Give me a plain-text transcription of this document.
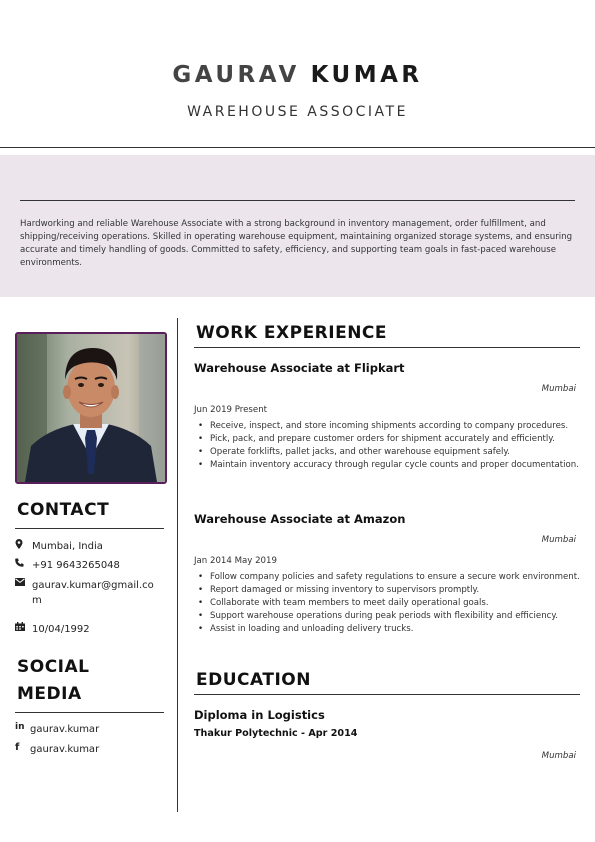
GAURAV KUMAR
WAREHOUSE ASSOCIATE
Hardworking and reliable Warehouse Associate with a strong background in inventory management, order fulfillment, and shipping/receiving operations. Skilled in operating warehouse equipment, maintaining organized storage systems, and ensuring accurate and timely handling of goods. Committed to safety, efficiency, and supporting team goals in fast-paced warehouse environments.
CONTACT
Mumbai, India
+91 9643265048
gaurav.kumar@gmail.com
10/04/1992
SOCIAL MEDIA
in gaurav.kumar
f	gaurav.kumar
WORK EXPERIENCE
Warehouse Associate at Flipkart
Mumbai
Jun 2019 Present
• Receive, inspect, and store incoming shipments according to company procedures.
• Pick, pack, and prepare customer orders for shipment accurately and efficiently.
• Operate forklifts, pallet jacks, and other warehouse equipment safely.
• Maintain inventory accuracy through regular cycle counts and proper documentation.
Warehouse Associate at Amazon
Mumbai
Jan 2014 May 2019
• Follow company policies and safety regulations to ensure a secure work environment.
• Report damaged or missing inventory to supervisors promptly.
• Collaborate with team members to meet daily operational goals.
• Support warehouse operations during peak periods with flexibility and efficiency.
• Assist in loading and unloading delivery trucks.
EDUCATION
Diploma in Logistics
Thakur Polytechnic - Apr 2014
Mumbai
